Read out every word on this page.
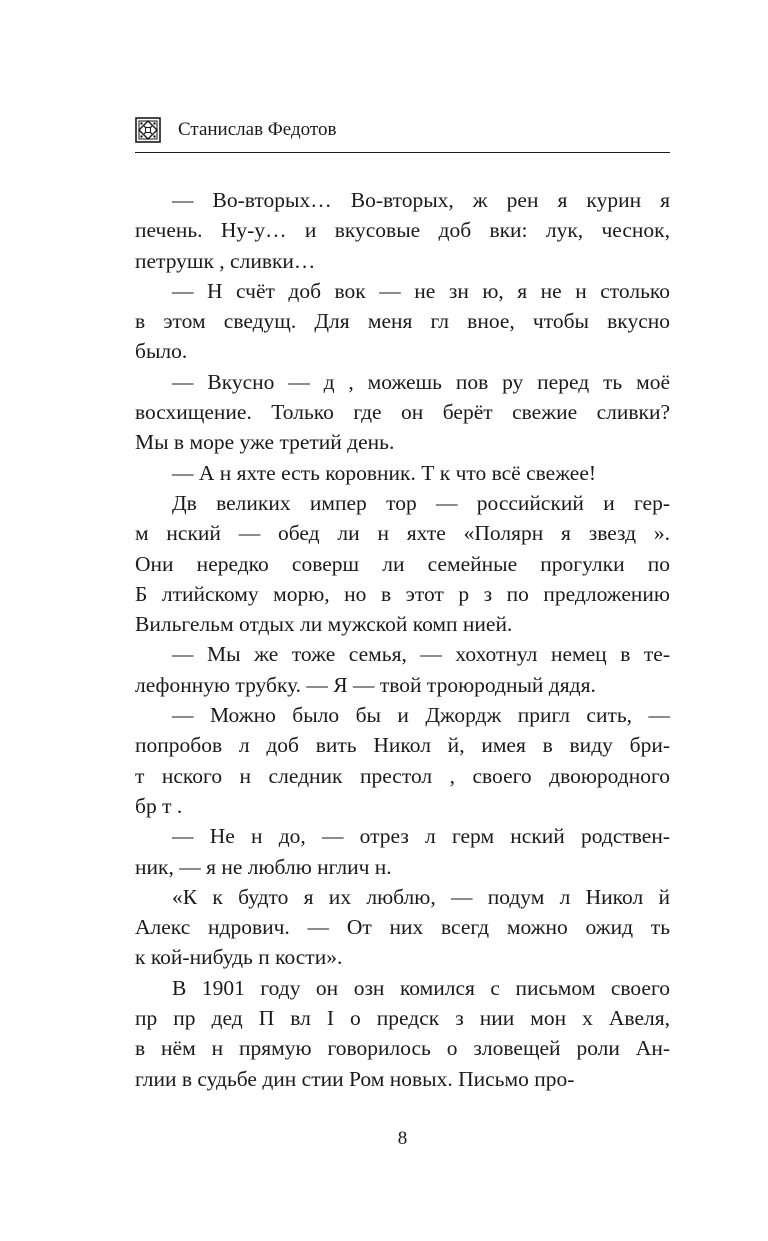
Станислав Федотов
— Во-вторых… Во-вторых, ж рен я курин я
печень. Ну-у… и вкусовые доб вки: лук, чеснок,
петрушк , сливки…
— Н счёт доб вок — не зн ю, я не н столько
в этом сведущ. Для меня гл вное, чтобы вкусно
было.
— Вкусно — д , можешь пов ру перед ть моё
восхищение. Только где он берёт свежие сливки?
Мы в море уже третий день.
— А н яхте есть коровник. Т к что всё свежее!
Дв великих импер тор — российский и гер-
м нский — обед ли н яхте «Полярн я звезд ».
Они нередко соверш ли семейные прогулки по
Б лтийскому морю, но в этот р з по предложению
Вильгельм отдых ли мужской комп нией.
— Мы же тоже семья, — хохотнул немец в те-
лефонную трубку. — Я — твой троюродный дядя.
— Можно было бы и Джордж пригл сить, —
попробов л доб вить Никол й, имея в виду бри-
т нского н следник престол , своего двоюродного
бр т .
— Не н до, — отрез л герм нский родствен-
ник, — я не люблю нглич н.
«К к будто я их люблю, — подум л Никол й
Алекс ндрович. — От них всегд можно ожид ть
к кой-нибудь п кости».
В 1901 году он озн комился с письмом своего
пр пр дед П вл I о предск з нии мон х Авеля,
в нём н прямую говорилось о зловещей роли Ан-
глии в судьбе дин стии Ром новых. Письмо про-
8
